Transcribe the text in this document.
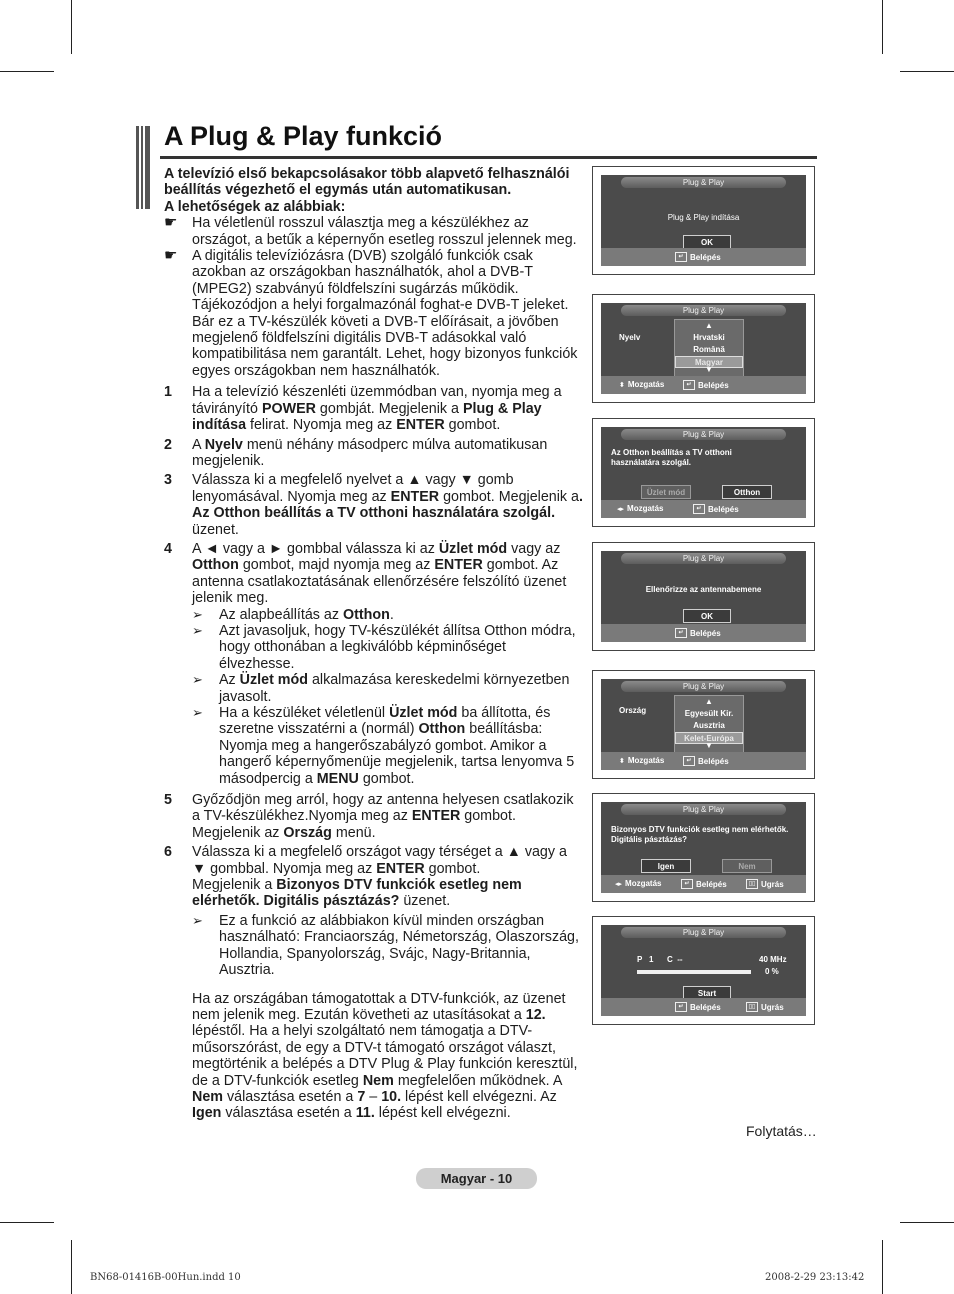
A Plug & Play funkció
A televízió első bekapcsolásakor több alapvető felhasználói beállítás végezhető el egymás után automatikusan.
A lehetőségek az alábbiak:
☛	Ha véletlenül rosszul választja meg a készülékhez az országot, a betűk a képernyőn esetleg rosszul jelennek meg.
☛	A digitális televíziózásra (DVB) szolgáló funkciók csak azokban az országokban használhatók, ahol a DVB-T (MPEG2) szabványú földfelszíni sugárzás működik. Tájékozódjon a helyi forgalmazónál foghat-e DVB-T jeleket. Bár ez a TV-készülék követi a DVB-T előírásait, a jövőben megjelenő földfelszíni digitális DVB-T adásokkal való kompatibilitása nem garantált. Lehet, hogy bizonyos funkciók egyes országokban nem használhatók.
1	Ha a televízió készenléti üzemmódban van, nyomja meg a távirányító POWER gombját. Megjelenik a Plug & Play indítása felirat. Nyomja meg az ENTER gombot.
2	A Nyelv menü néhány másodperc múlva automatikusan megjelenik.
3	Válassza ki a megfelelő nyelvet a ▲ vagy ▼ gomb lenyomásával. Nyomja meg az ENTER gombot. Megjelenik a. Az Otthon beállítás a TV otthoni használatára szolgál. üzenet.
4	A ◄ vagy a ► gombbal válassza ki az Üzlet mód vagy az Otthon gombot, majd nyomja meg az ENTER gombot. Az antenna csatlakoztatásának ellenőrzésére felszólító üzenet jelenik meg.
➢	Az alapbeállítás az Otthon.
➢	Azt javasoljuk, hogy TV-készülékét állítsa Otthon módra, hogy otthonában a legkiválóbb képminőséget élvezhesse.
➢	Az Üzlet mód alkalmazása kereskedelmi környezetben javasolt.
➢	Ha a készüléket véletlenül Üzlet mód ba állította, és szeretne visszatérni a (normál) Otthon beállításba: Nyomja meg a hangerőszabályzó gombot. Amikor a hangerő képernyőmenüje megjelenik, tartsa lenyomva 5 másodpercig a MENU gombot.
5	Győződjön meg arról, hogy az antenna helyesen csatlakozik a TV-készülékhez.Nyomja meg az ENTER gombot. Megjelenik az Ország menü.
6	Válassza ki a megfelelő országot vagy térséget a ▲ vagy a ▼ gombbal. Nyomja meg az ENTER gombot.
Megjelenik a Bizonyos DTV funkciók esetleg nem elérhetők. Digitális pásztázás? üzenet.
➢	Ez a funkció az alábbiakon kívül minden országban használható: Franciaország, Németország, Olaszország, Hollandia, Spanyolország, Svájc, Nagy-Britannia, Ausztria.
Ha az országában támogatottak a DTV-funkciók, az üzenet nem jelenik meg. Ezután követheti az utasításokat a 12. lépéstől. Ha a helyi szolgáltató nem támogatja a DTV-műsorszórást, de egy a DTV-t támogató országot választ, megtörténik a belépés a DTV Plug & Play funkción keresztül, de a DTV-funkciók esetleg Nem megfelelően működnek. A Nem választása esetén a 7 – 10. lépést kell elvégezni. Az Igen választása esetén a 11. lépést kell elvégezni.
Plug & Play
Plug & Play indítása
OK
↵ Belépés
Plug & Play
Nyelv
▲
Hrvatski
Română
Magyar
▼
⬍ Mozgatás	↵ Belépés
Plug & Play
Az Otthon beállítás a TV otthoni használatára szolgál.
Üzlet mód	Otthon
◂▸ Mozgatás	↵ Belépés
Plug & Play
Ellenőrizze az antennabemene
OK
↵ Belépés
Plug & Play
Ország
▲
Egyesült Kir.
Ausztria
Kelet-Európa
▼
⬍ Mozgatás	↵ Belépés
Plug & Play
Bizonyos DTV funkciók esetleg nem elérhetők. Digitális pásztázás?
Igen	Nem
◂▸ Mozgatás	↵ Belépés	▯▯ Ugrás
Plug & Play
P 1 C --	40 MHz
0 %
Start
↵ Belépés	▯▯ Ugrás
Folytatás…
Magyar - 10
BN68-01416B-00Hun.indd 10	2008-2-29 23:13:42
